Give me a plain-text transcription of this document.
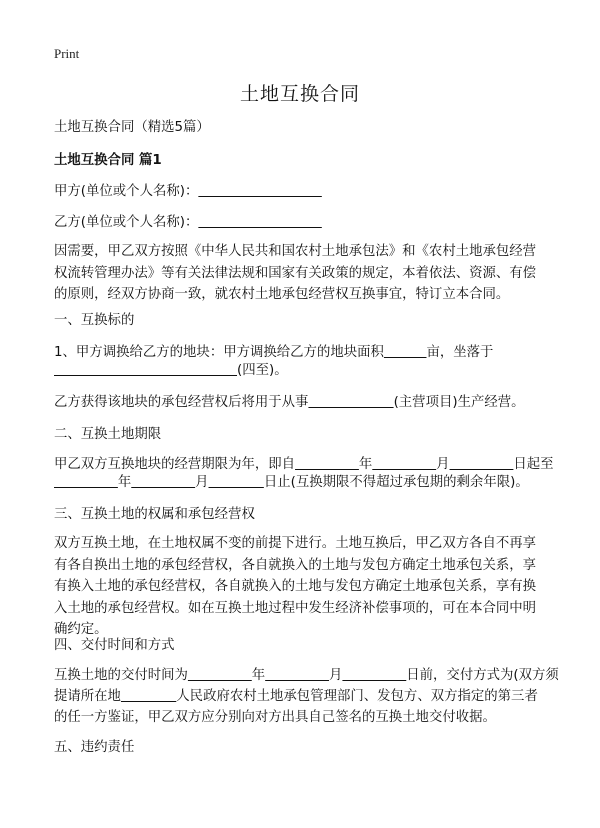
Print
土地互换合同
土地互换合同（精选5篇）
土地互换合同 篇1
甲方(单位或个人名称)：
乙方(单位或个人名称)：
因需要，甲乙双方按照《中华人民共和国农村土地承包法》和《农村土地承包经营
权流转管理办法》等有关法律法规和国家有关政策的规定，本着依法、资源、有偿
的原则，经双方协商一致，就农村土地承包经营权互换事宜，特订立本合同。
一、互换标的
1、甲方调换给乙方的地块：甲方调换给乙方的地块面积	亩，坐落于
(四至)。
乙方获得该地块的承包经营权后将用于从事	(主营项目)生产经营。
二、互换土地期限
甲乙双方互换地块的经营期限为年，即自	年	月	日起至
年	月	日止(互换期限不得超过承包期的剩余年限)。
三、互换土地的权属和承包经营权
双方互换土地，在土地权属不变的前提下进行。土地互换后，甲乙双方各自不再享
有各自换出土地的承包经营权，各自就换入的土地与发包方确定土地承包关系，享
有换入土地的承包经营权，各自就换入的土地与发包方确定土地承包关系，享有换
入土地的承包经营权。如在互换土地过程中发生经济补偿事项的，可在本合同中明
确约定。
四、交付时间和方式
互换土地的交付时间为	年	月	日前，交付方式为(双方须
提请所在地	人民政府农村土地承包管理部门、发包方、双方指定的第三者
的任一方鉴证，甲乙双方应分别向对方出具自己签名的互换土地交付收据。
五、违约责任
